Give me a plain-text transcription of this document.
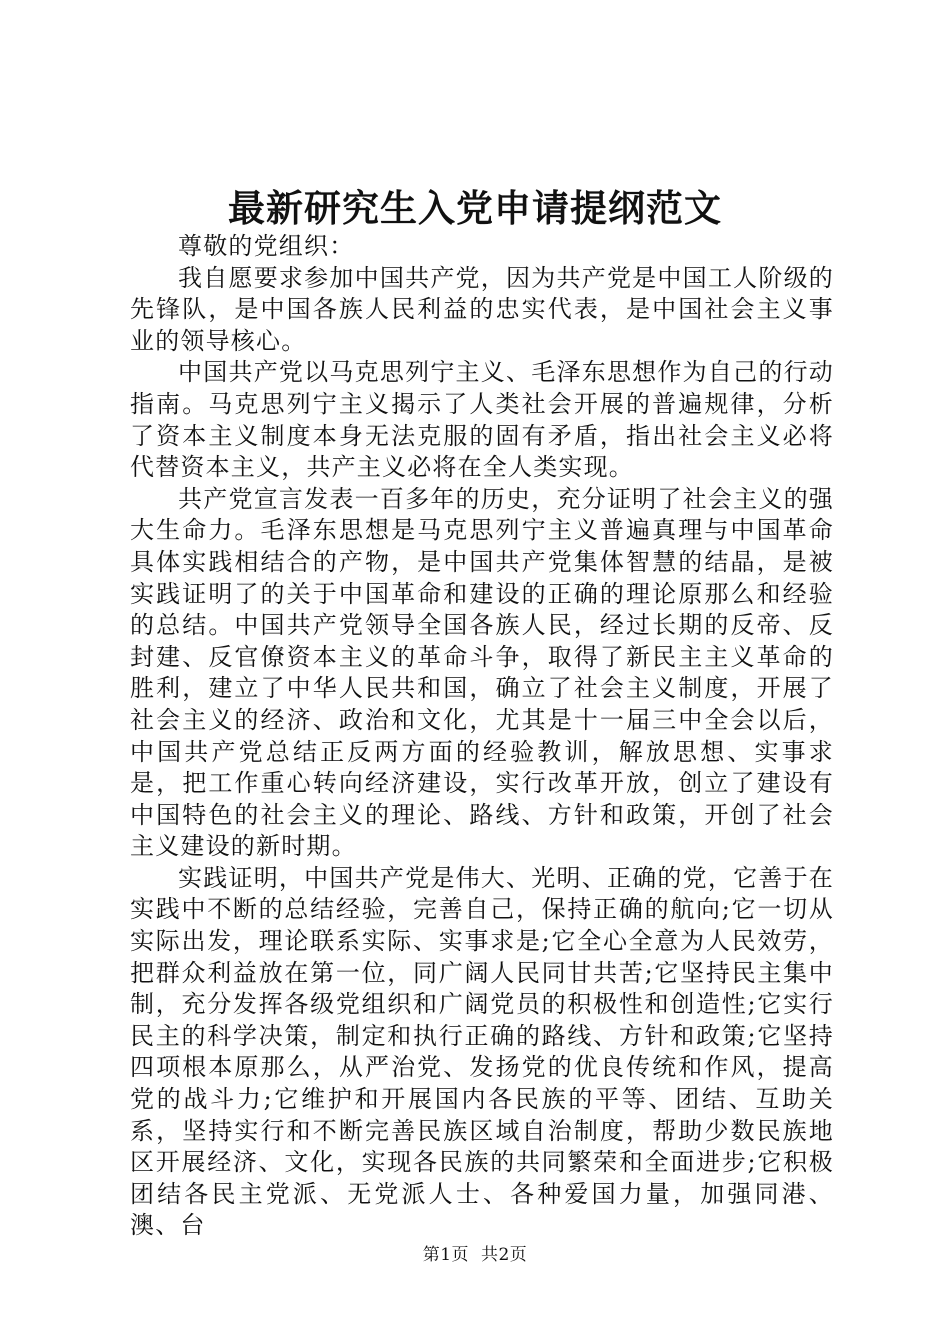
最新研究生入党申请提纲范文
尊敬的党组织：

我自愿要求参加中国共产党，因为共产党是中国工人阶级的先锋队，是中国各族人民利益的忠实代表，是中国社会主义事业的领导核心。

中国共产党以马克思列宁主义、毛泽东思想作为自己的行动指南。马克思列宁主义揭示了人类社会开展的普遍规律，分析了资本主义制度本身无法克服的固有矛盾，指出社会主义必将代替资本主义，共产主义必将在全人类实现。

共产党宣言发表一百多年的历史，充分证明了社会主义的强大生命力。毛泽东思想是马克思列宁主义普遍真理与中国革命具体实践相结合的产物，是中国共产党集体智慧的结晶，是被实践证明了的关于中国革命和建设的正确的理论原那么和经验的总结。中国共产党领导全国各族人民，经过长期的反帝、反封建、反官僚资本主义的革命斗争，取得了新民主主义革命的胜利，建立了中华人民共和国，确立了社会主义制度，开展了社会主义的经济、政治和文化，尤其是十一届三中全会以后，中国共产党总结正反两方面的经验教训，解放思想、实事求是，把工作重心转向经济建设，实行改革开放，创立了建设有中国特色的社会主义的理论、路线、方针和政策，开创了社会主义建设的新时期。

实践证明，中国共产党是伟大、光明、正确的党，它善于在实践中不断的总结经验，完善自己，保持正确的航向;它一切从实际出发，理论联系实际、实事求是;它全心全意为人民效劳，把群众利益放在第一位，同广阔人民同甘共苦;它坚持民主集中制，充分发挥各级党组织和广阔党员的积极性和创造性;它实行民主的科学决策，制定和执行正确的路线、方针和政策;它坚持四项根本原那么，从严治党、发扬党的优良传统和作风，提高党的战斗力;它维护和开展国内各民族的平等、团结、互助关系，坚持实行和不断完善民族区域自治制度，帮助少数民族地区开展经济、文化，实现各民族的共同繁荣和全面进步;它积极团结各民主党派、无党派人士、各种爱国力量，加强同港、澳、台

第1页 共2页
